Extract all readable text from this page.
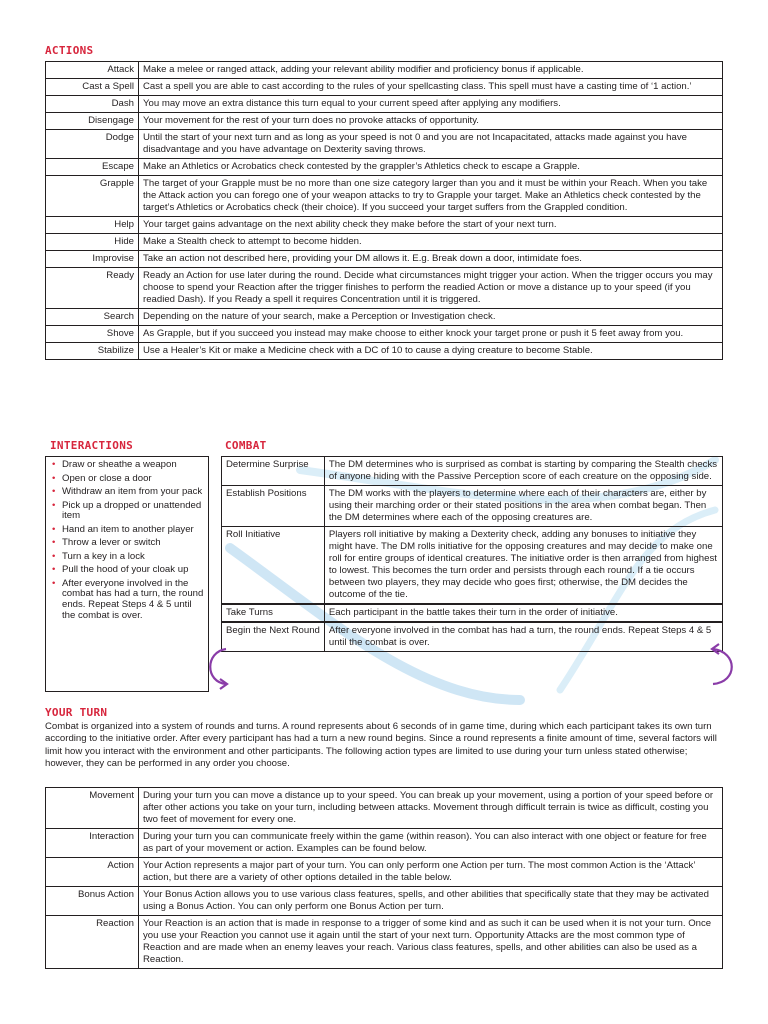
ACTIONS
Attack	Make a melee or ranged attack, adding your relevant ability modifier and proficiency bonus if applicable.
Cast a Spell	Cast a spell you are able to cast according to the rules of your spellcasting class. This spell must have a casting time of ‘1 action.’
Dash	You may move an extra distance this turn equal to your current speed after applying any modifiers.
Disengage	Your movement for the rest of your turn does no provoke attacks of opportunity.
Dodge	Until the start of your next turn and as long as your speed is not 0 and you are not Incapacitated, attacks made against you have disadvantage and you have advantage on Dexterity saving throws.
Escape	Make an Athletics or Acrobatics check contested by the grappler’s Athletics check to escape a Grapple.
Grapple	The target of your Grapple must be no more than one size category larger than you and it must be within your Reach. When you take the Attack action you can forego one of your weapon attacks to try to Grapple your target. Make an Athletics check contested by the target’s Athletics or Acrobatics check (their choice). If you succeed your target suffers from the Grappled condition.
Help	Your target gains advantage on the next ability check they make before the start of your next turn.
Hide	Make a Stealth check to attempt to become hidden.
Improvise	Take an action not described here, providing your DM allows it. E.g. Break down a door, intimidate foes.
Ready	Ready an Action for use later during the round. Decide what circumstances might trigger your action. When the trigger occurs you may choose to spend your Reaction after the trigger finishes to perform the readied Action or move a distance up to your speed (if you readied Dash). If you Ready a spell it requires Concentration until it is triggered.
Search	Depending on the nature of your search, make a Perception or Investigation check.
Shove	As Grapple, but if you succeed you instead may make choose to either knock your target prone or push it 5 feet away from you.
Stabilize	Use a Healer’s Kit or make a Medicine check with a DC of 10 to cause a dying creature to become Stable.
INTERACTIONS
• Draw or sheathe a weapon
• Open or close a door
• Withdraw an item from your pack
• Pick up a dropped or unattended item
• Hand an item to another player
• Throw a lever or switch
• Turn a key in a lock
• Pull the hood of your cloak up
• After everyone involved in the combat has had a turn, the round ends. Repeat Steps 4 & 5 until the combat is over.
COMBAT
Determine Surprise	The DM determines who is surprised as combat is starting by comparing the Stealth checks of anyone hiding with the Passive Perception score of each creature on the opposing side.
Establish Positions	The DM works with the players to determine where each of their characters are, either by using their marching order or their stated positions in the area when combat began. Then the DM determines where each of the opposing creatures are.
Roll Initiative	Players roll initiative by making a Dexterity check, adding any bonuses to initiative they might have. The DM rolls initiative for the opposing creatures and may decide to make one roll for entire groups of identical creatures. The initiative order is then arranged from highest to lowest. This becomes the turn order and persists through each round. If a tie occurs between two players, they may decide who goes first; otherwise, the DM decides the outcome of the tie.
Take Turns	Each participant in the battle takes their turn in the order of initiative.
Begin the Next Round	After everyone involved in the combat has had a turn, the round ends. Repeat Steps 4 & 5 until the combat is over.
YOUR TURN
Combat is organized into a system of rounds and turns. A round represents about 6 seconds of in game time, during which each participant takes its own turn according to the initiative order. After every participant has had a turn a new round begins. Since a round represents a finite amount of time, several factors will limit how you interact with the environment and other participants. The following action types are limited to use during your turn unless stated otherwise; however, they can be performed in any order you choose.
Movement	During your turn you can move a distance up to your speed. You can break up your movement, using a portion of your speed before or after other actions you take on your turn, including between attacks. Movement through difficult terrain is twice as difficult, costing you two feet of movement for every one.
Interaction	During your turn you can communicate freely within the game (within reason). You can also interact with one object or feature for free as part of your movement or action. Examples can be found below.
Action	Your Action represents a major part of your turn. You can only perform one Action per turn. The most common Action is the ‘Attack’ action, but there are a variety of other options detailed in the table below.
Bonus Action	Your Bonus Action allows you to use various class features, spells, and other abilities that specifically state that they may be activated using a Bonus Action. You can only perform one Bonus Action per turn.
Reaction	Your Reaction is an action that is made in response to a trigger of some kind and as such it can be used when it is not your turn. Once you use your Reaction you cannot use it again until the start of your next turn. Opportunity Attacks are the most common type of Reaction and are made when an enemy leaves your reach. Various class features, spells, and other abilities can also be used as a Reaction.
